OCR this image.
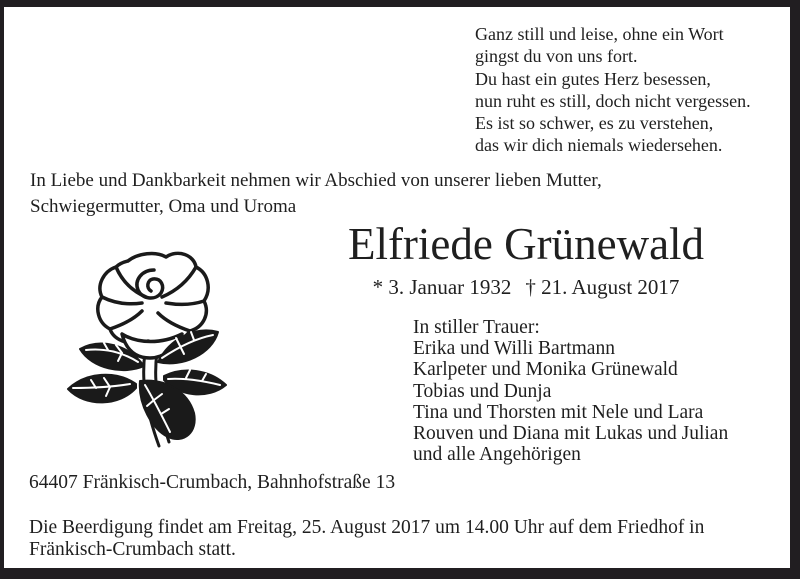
Ganz still und leise, ohne ein Wort
gingst du von uns fort.
Du hast ein gutes Herz besessen,
nun ruht es still, doch nicht vergessen.
Es ist so schwer, es zu verstehen,
das wir dich niemals wiedersehen.
In Liebe und Dankbarkeit nehmen wir Abschied von unserer lieben Mutter,
Schwiegermutter, Oma und Uroma
Elfriede Grünewald
* 3. Januar 1932 † 21. August 2017
In stiller Trauer:
Erika und Willi Bartmann
Karlpeter und Monika Grünewald
Tobias und Dunja
Tina und Thorsten mit Nele und Lara
Rouven und Diana mit Lukas und Julian
und alle Angehörigen
64407 Fränkisch-Crumbach, Bahnhofstraße 13
Die Beerdigung findet am Freitag, 25. August 2017 um 14.00 Uhr auf dem Friedhof in
Fränkisch-Crumbach statt.
